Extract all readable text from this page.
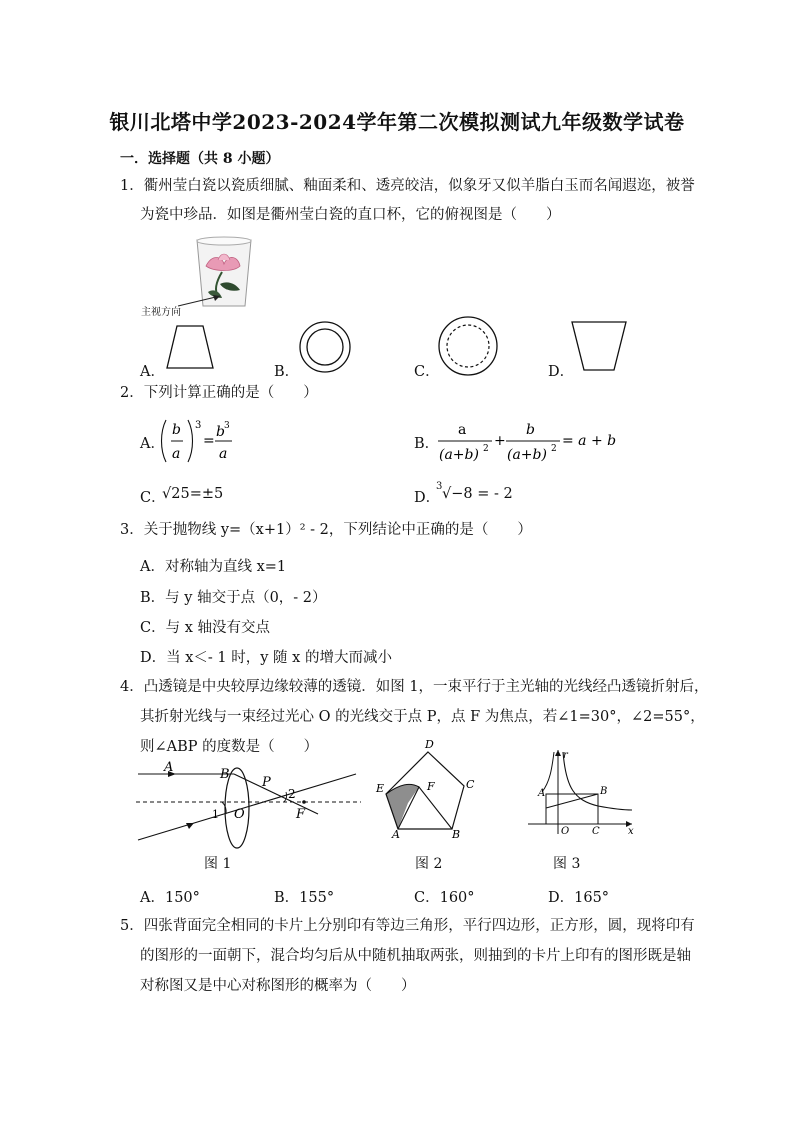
银川北塔中学2023-2024学年第二次模拟测试九年级数学试卷
一．选择题（共 8 小题）
1．衢州莹白瓷以瓷质细腻、釉面柔和、透亮皎洁，似象牙又似羊脂白玉而名闻遐迩，被誉
为瓷中珍品．如图是衢州莹白瓷的直口杯，它的俯视图是（　　）
主视方向
A．	B．	C．	D．
2．下列计算正确的是（　　）
A．
b
a
3
=
b 3
a
B．
a
(a+b) 2 +
b
(a+b) 2 = a + b
C．
√25=±5	D．
3 √−8 = - 2
3．关于抛物线 y=（x+1）² - 2，下列结论中正确的是（　　）
A．对称轴为直线 x=1
B．与 y 轴交于点（0，- 2）
C．与 x 轴没有交点
D．当 x＜- 1 时，y 随 x 的增大而减小
4．凸透镜是中央较厚边缘较薄的透镜．如图 1，一束平行于主光轴的光线经凸透镜折射后，
其折射光线与一束经过光心 O 的光线交于点 P，点 F 为焦点，若∠1=30°，∠2=55°，
则∠ABP 的度数是（　　）
A	B
P
2
1 O	F
图 1
D
E	F	C
A	B
图 2
r
A	B
O C	x
图 3
A．150°	B．155°	C．160°	D．165°
5．四张背面完全相同的卡片上分别印有等边三角形，平行四边形，正方形，圆，现将印有
的图形的一面朝下，混合均匀后从中随机抽取两张，则抽到的卡片上印有的图形既是轴
对称图又是中心对称图形的概率为（　　）
